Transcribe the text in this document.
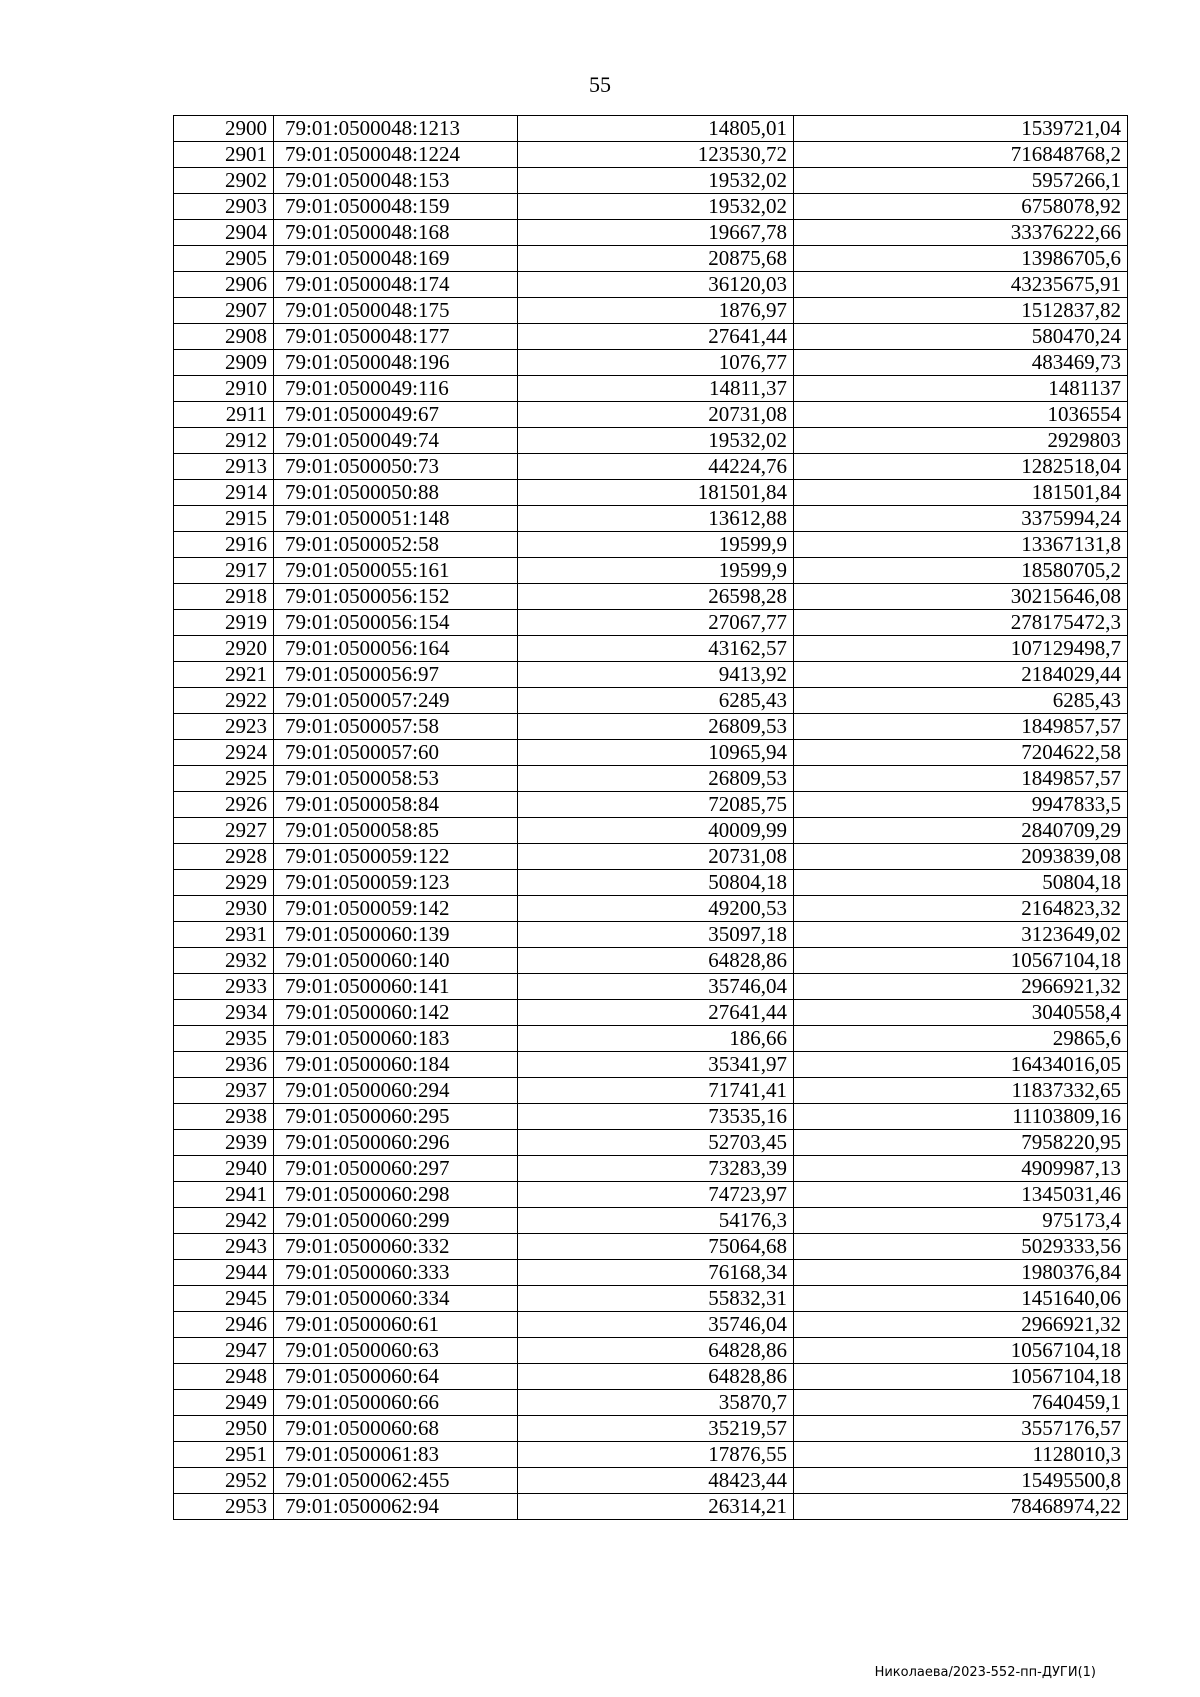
55
2900	79:01:0500048:1213	14805,01	1539721,04
2901	79:01:0500048:1224	123530,72	716848768,2
2902	79:01:0500048:153	19532,02	5957266,1
2903	79:01:0500048:159	19532,02	6758078,92
2904	79:01:0500048:168	19667,78	33376222,66
2905	79:01:0500048:169	20875,68	13986705,6
2906	79:01:0500048:174	36120,03	43235675,91
2907	79:01:0500048:175	1876,97	1512837,82
2908	79:01:0500048:177	27641,44	580470,24
2909	79:01:0500048:196	1076,77	483469,73
2910	79:01:0500049:116	14811,37	1481137
2911	79:01:0500049:67	20731,08	1036554
2912	79:01:0500049:74	19532,02	2929803
2913	79:01:0500050:73	44224,76	1282518,04
2914	79:01:0500050:88	181501,84	181501,84
2915	79:01:0500051:148	13612,88	3375994,24
2916	79:01:0500052:58	19599,9	13367131,8
2917	79:01:0500055:161	19599,9	18580705,2
2918	79:01:0500056:152	26598,28	30215646,08
2919	79:01:0500056:154	27067,77	278175472,3
2920	79:01:0500056:164	43162,57	107129498,7
2921	79:01:0500056:97	9413,92	2184029,44
2922	79:01:0500057:249	6285,43	6285,43
2923	79:01:0500057:58	26809,53	1849857,57
2924	79:01:0500057:60	10965,94	7204622,58
2925	79:01:0500058:53	26809,53	1849857,57
2926	79:01:0500058:84	72085,75	9947833,5
2927	79:01:0500058:85	40009,99	2840709,29
2928	79:01:0500059:122	20731,08	2093839,08
2929	79:01:0500059:123	50804,18	50804,18
2930	79:01:0500059:142	49200,53	2164823,32
2931	79:01:0500060:139	35097,18	3123649,02
2932	79:01:0500060:140	64828,86	10567104,18
2933	79:01:0500060:141	35746,04	2966921,32
2934	79:01:0500060:142	27641,44	3040558,4
2935	79:01:0500060:183	186,66	29865,6
2936	79:01:0500060:184	35341,97	16434016,05
2937	79:01:0500060:294	71741,41	11837332,65
2938	79:01:0500060:295	73535,16	11103809,16
2939	79:01:0500060:296	52703,45	7958220,95
2940	79:01:0500060:297	73283,39	4909987,13
2941	79:01:0500060:298	74723,97	1345031,46
2942	79:01:0500060:299	54176,3	975173,4
2943	79:01:0500060:332	75064,68	5029333,56
2944	79:01:0500060:333	76168,34	1980376,84
2945	79:01:0500060:334	55832,31	1451640,06
2946	79:01:0500060:61	35746,04	2966921,32
2947	79:01:0500060:63	64828,86	10567104,18
2948	79:01:0500060:64	64828,86	10567104,18
2949	79:01:0500060:66	35870,7	7640459,1
2950	79:01:0500060:68	35219,57	3557176,57
2951	79:01:0500061:83	17876,55	1128010,3
2952	79:01:0500062:455	48423,44	15495500,8
2953	79:01:0500062:94	26314,21	78468974,22
Николаева/2023-552-пп-ДУГИ(1)
